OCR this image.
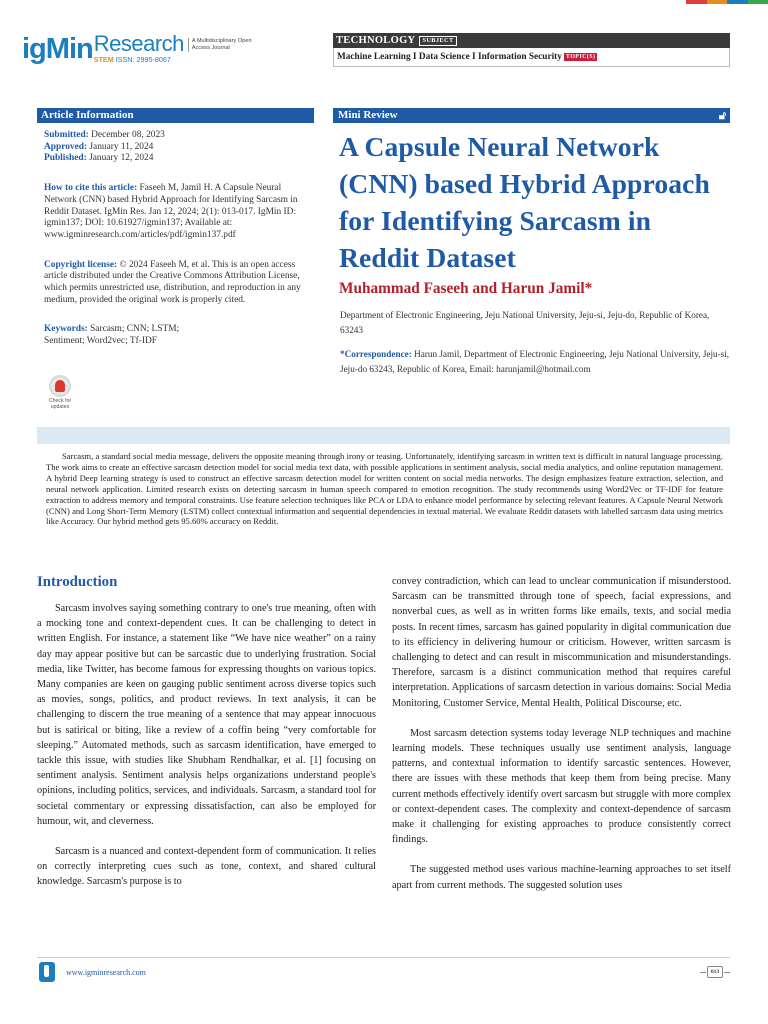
ig Min Research
STEM ISSN: 2995-8067
A Multidisciplinary Open Access Journal
TECHNOLOGY	SUBJECT
Machine Learning I Data Science I Information Security TOPIC(S)
Article Information
Submitted: December 08, 2023
Approved: January 11, 2024
Published: January 12, 2024
How to cite this article: Faseeh M, Jamil H. A Capsule Neural Network (CNN) based Hybrid Approach for Identifying Sarcasm in Reddit Dataset. IgMin Res. Jan 12, 2024; 2(1): 013-017. IgMin ID: igmin137; DOI: 10.61927/igmin137; Available at: www.igminresearch.com/articles/pdf/igmin137.pdf
Copyright license: © 2024 Faseeh M, et al. This is an open access article distributed under the Creative Commons Attribution License, which permits unrestricted use, distribution, and reproduction in any medium, provided the original work is properly cited.
Keywords: Sarcasm; CNN; LSTM; Sentiment; Word2vec; Tf-IDF
Check for updates
Mini Review	🔓︎
A Capsule Neural Network (CNN) based Hybrid Approach for Identifying Sarcasm in Reddit Dataset
Muhammad Faseeh and Harun Jamil*
Department of Electronic Engineering, Jeju National University, Jeju-si, Jeju-do, Republic of Korea, 63243
*Correspondence: Harun Jamil, Department of Electronic Engineering, Jeju National University, Jeju-si, Jeju-do 63243, Republic of Korea, Email: harunjamil@hotmail.com

Sarcasm, a standard social media message, delivers the opposite meaning through irony or teasing. Unfortunately, identifying sarcasm in written text is difficult in natural language processing. The work aims to create an effective sarcasm detection model for social media text data, with possible applications in sentiment analysis, social media analytics, and online reputation management. A hybrid Deep learning strategy is used to construct an effective sarcasm detection model for written content on social media networks. The design emphasizes feature extraction, selection, and neural network application. Limited research exists on detecting sarcasm in human speech compared to emotion recognition. The study recommends using Word2Vec or TF-IDF for feature extraction to address memory and temporal constraints. Use feature selection techniques like PCA or LDA to enhance model performance by selecting relevant features. A Capsule Neural Network (CNN) and Long Short-Term Memory (LSTM) collect contextual information and sequential dependencies in textual material. We evaluate Reddit datasets with labelled sarcasm data using metrics like Accuracy. Our hybrid method gets 95.60% accuracy on Reddit.

Introduction

Sarcasm involves saying something contrary to one's true meaning, often with a mocking tone and context-dependent cues. It can be challenging to detect in written English. For instance, a statement like “We have nice weather” on a rainy day may appear positive but can be sarcastic due to underlying frustration. Social media, like Twitter, has become famous for expressing thoughts on various topics. Many companies are keen on gauging public sentiment across diverse topics such as movies, songs, politics, and product reviews. In text analysis, it can be challenging to discern the true meaning of a sentence that may appear innocuous but is satirical or biting, like a review of a coffin being “very comfortable for sleeping.” Automated methods, such as sarcasm identification, have emerged to tackle this issue, with studies like Shubham Rendhalkar, et al. [1] focusing on sentiment analysis. Sentiment analysis helps organizations understand people's opinions, including politics, services, and individuals. Sarcasm, a standard tool for societal commentary or expressing dissatisfaction, can also be employed for humour, wit, and cleverness.

Sarcasm is a nuanced and context-dependent form of communication. It relies on correctly interpreting cues such as tone, context, and shared cultural knowledge. Sarcasm's purpose is to

convey contradiction, which can lead to unclear communication if misunderstood. Sarcasm can be transmitted through tone of speech, facial expressions, and nonverbal cues, as well as in written forms like emails, texts, and social media posts. In recent times, sarcasm has gained popularity in digital communication due to its efficiency in delivering humour or criticism. However, written sarcasm is challenging to detect and can result in miscommunication and misunderstandings. Therefore, sarcasm is a distinct communication method that requires careful interpretation. Applications of sarcasm detection in various domains: Social Media Monitoring, Customer Service, Mental Health, Political Discourse, etc.

Most sarcasm detection systems today leverage NLP techniques and machine learning models. These techniques usually use sentiment analysis, language patterns, and contextual information to identify sarcastic sentences. However, there are issues with these methods that keep them from being precise. Many current methods effectively identify overt sarcasm but struggle with more complex or context-dependent cases. The complexity and context-dependence of sarcasm make it challenging for existing approaches to produce consistently correct findings.

The suggested method uses various machine-learning approaches to set itself apart from current methods. The suggested solution uses

www.igminresearch.com	013
